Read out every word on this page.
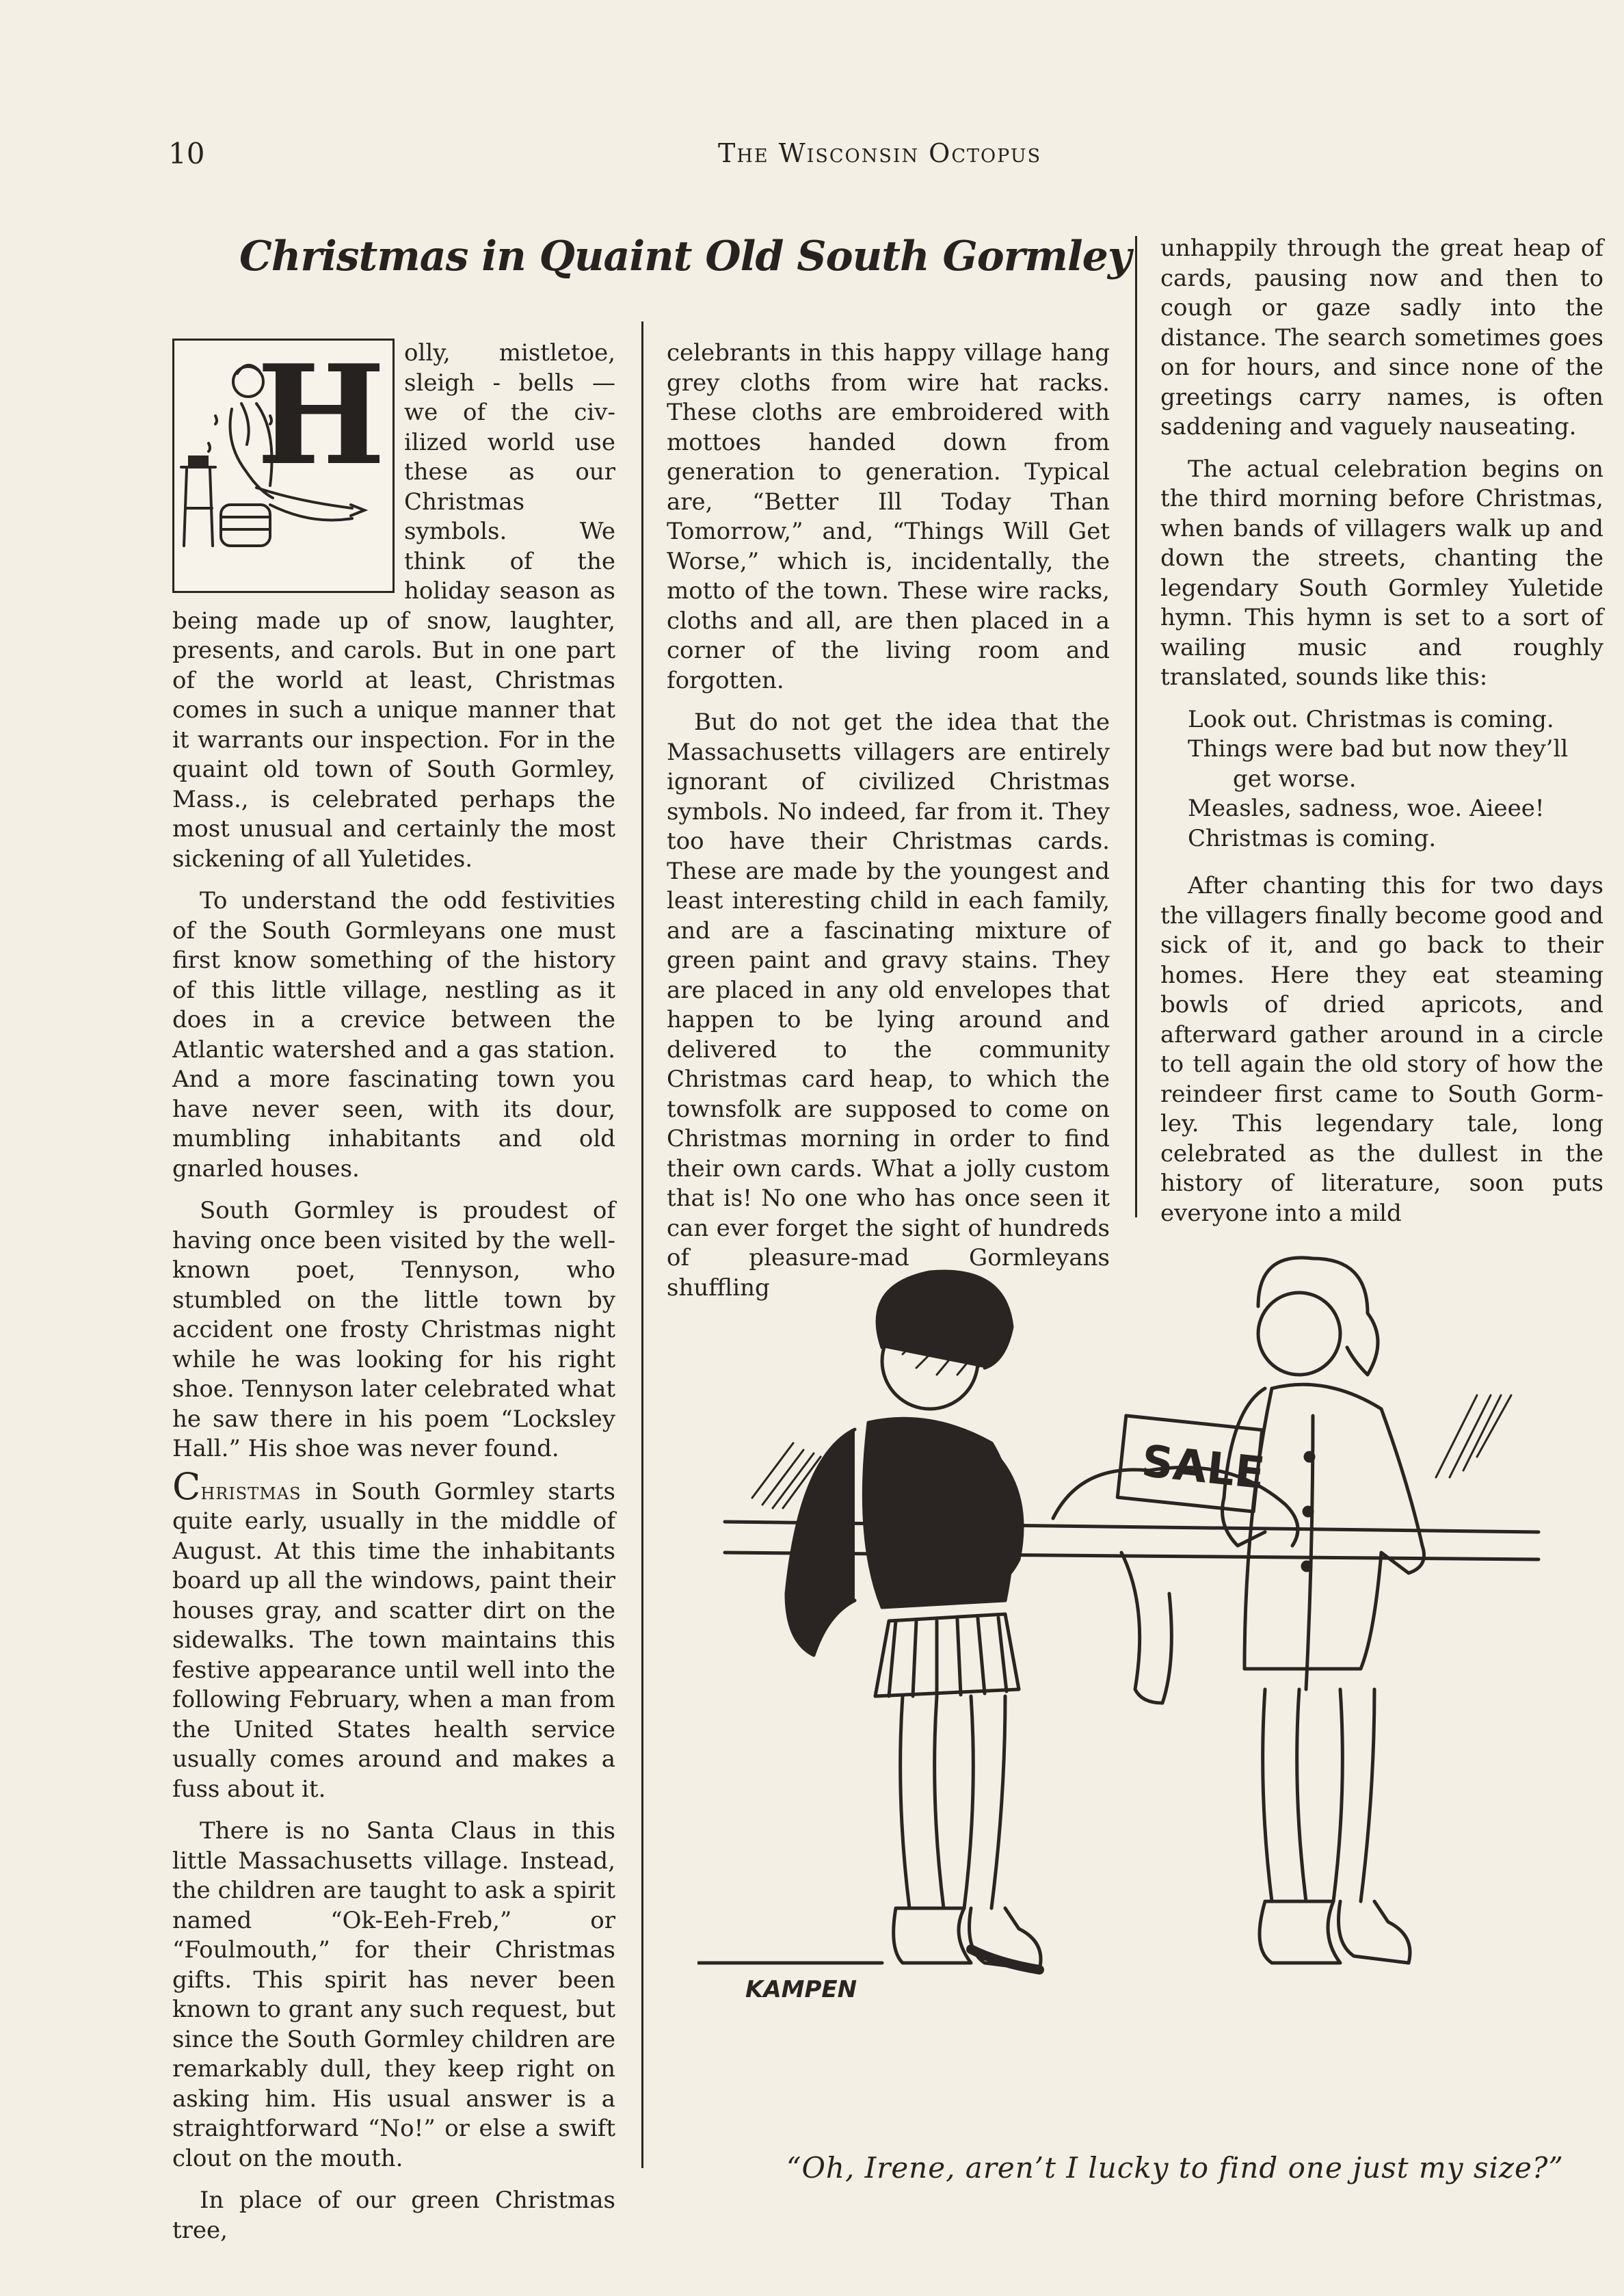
10	The Wisconsin Octopus
Christmas in Quaint Old South Gormley
H olly, mistletoe, sleigh - bells — we of the civilized world use these as our Christmas symbols. We think of the holiday season as being made up of snow, laughter, presents, and carols. But in one part of the world at least, Christmas comes in such a unique manner that it warrants our inspection. For in the quaint old town of South Gormley, Mass., is celebrated perhaps the most unusual and certainly the most sickening of all Yuletides.

To understand the odd festivities of the South Gormleyans one must first know something of the history of this little village, nestling as it does in a crevice between the Atlantic watershed and a gas station. And a more fascinating town you have never seen, with its dour, mumbling inhabitants and old gnarled houses.

South Gormley is proudest of having once been visited by the well-known poet, Tennyson, who stumbled on the little town by accident one frosty Christmas night while he was looking for his right shoe. Tennyson later celebrated what he saw there in his poem “Locksley Hall.” His shoe was never found.

Christmas in South Gormley starts quite early, usually in the middle of August. At this time the inhabitants board up all the windows, paint their houses gray, and scatter dirt on the sidewalks. The town maintains this festive appearance until well into the following February, when a man from the United States health service usually comes around and makes a fuss about it.

There is no Santa Claus in this little Massachusetts village. Instead, the children are taught to ask a spirit named “Ok-Eeh-Freb,” or “Foulmouth,” for their Christmas gifts. This spirit has never been known to grant any such request, but since the South Gormley children are remarkably dull, they keep right on asking him. His usual answer is a straightforward “No!” or else a swift clout on the mouth.

In place of our green Christmas tree,

celebrants in this happy village hang grey cloths from wire hat racks. These cloths are embroidered with mottoes handed down from generation to generation. Typical are, “Better Ill Today Than Tomorrow,” and, “Things Will Get Worse,” which is, incidentally, the motto of the town. These wire racks, cloths and all, are then placed in a corner of the living room and forgotten.

But do not get the idea that the Massachusetts villagers are entirely ignorant of civilized Christmas symbols. No indeed, far from it. They too have their Christmas cards. These are made by the youngest and least interesting child in each family, and are a fascinating mixture of green paint and gravy stains. They are placed in any old envelopes that happen to be lying around and delivered to the community Christmas card heap, to which the townsfolk are supposed to come on Christmas morning in order to find their own cards. What a jolly custom that is! No one who has once seen it can ever forget the sight of hundreds of pleasure-mad Gormleyans shuffling

unhappily through the great heap of cards, pausing now and then to cough or gaze sadly into the distance. The search sometimes goes on for hours, and since none of the greetings carry names, is often saddening and vaguely nauseating.

The actual celebration begins on the third morning before Christmas, when bands of villagers walk up and down the streets, chanting the legendary South Gormley Yuletide hymn. This hymn is set to a sort of wailing music and roughly translated, sounds like this:

Look out. Christmas is coming.

Things were bad but now they’ll

get worse.

Measles, sadness, woe. Aieee!

Christmas is coming.

After chanting this for two days the villagers finally become good and sick of it, and go back to their homes. Here they eat steaming bowls of dried apricots, and afterward gather around in a circle to tell again the old story of how the reindeer first came to South Gormley. This legendary tale, long celebrated as the dullest in the history of literature, soon puts everyone into a mild

SALE
KAMPEN
“Oh, Irene, aren’t I lucky to find one just my size?”
